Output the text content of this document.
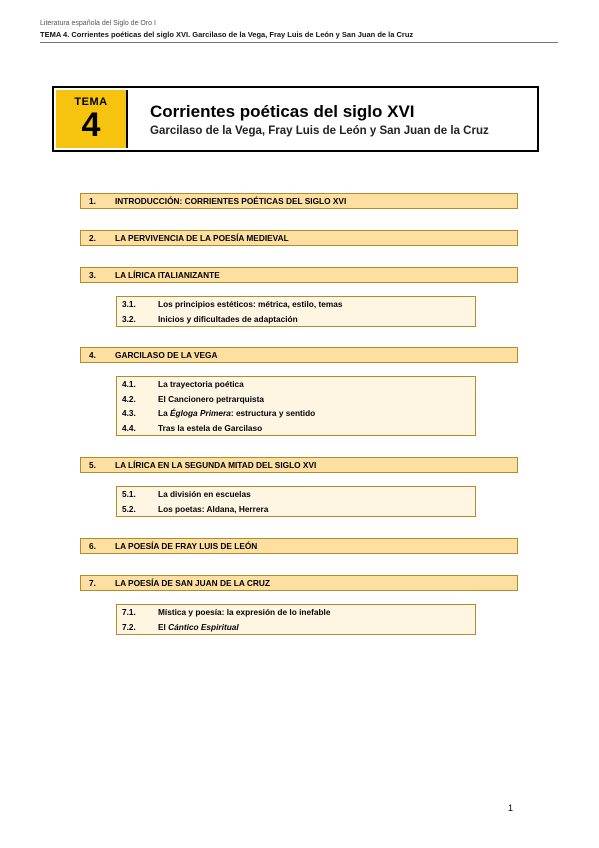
Literatura española del Siglo de Oro I
TEMA 4. Corrientes poéticas del siglo XVI. Garcilaso de la Vega, Fray Luis de León y San Juan de la Cruz
TEMA
4	Corrientes poéticas del siglo XVI
Garcilaso de la Vega, Fray Luis de León y San Juan de la Cruz
1. INTRODUCCIÓN: CORRIENTES POÉTICAS DEL SIGLO XVI
2. LA PERVIVENCIA DE LA POESÍA MEDIEVAL
3. LA LÍRICA ITALIANIZANTE
3.1.	Los principios estéticos: métrica, estilo, temas
3.2.	Inicios y dificultades de adaptación
4. GARCILASO DE LA VEGA
4.1.	La trayectoria poética
4.2.	El Cancionero petrarquista
4.3.	La Égloga Primera: estructura y sentido
4.4.	Tras la estela de Garcilaso
5. LA LÍRICA EN LA SEGUNDA MITAD DEL SIGLO XVI
5.1.	La división en escuelas
5.2.	Los poetas: Aldana, Herrera
6. LA POESÍA DE FRAY LUIS DE LEÓN
7. LA POESÍA DE SAN JUAN DE LA CRUZ
7.1.	Mística y poesía: la expresión de lo inefable
7.2.	El Cántico Espiritual
1
